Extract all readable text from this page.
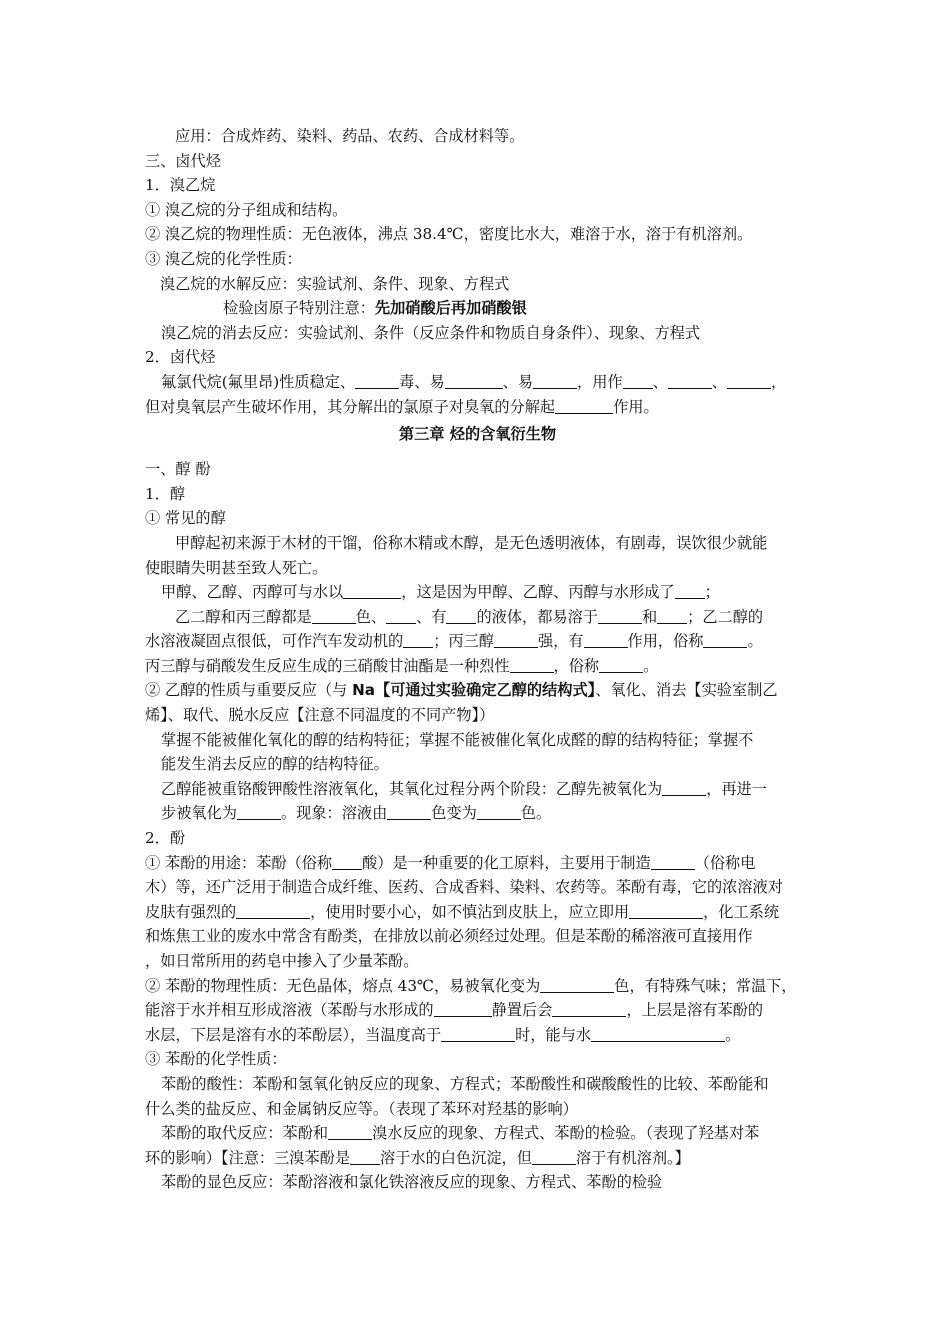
应用：合成炸药、染料、药品、农药、合成材料等。
三、卤代烃
1．溴乙烷
① 溴乙烷的分子组成和结构。
② 溴乙烷的物理性质：无色液体，沸点 38.4℃，密度比水大，难溶于水，溶于有机溶剂。
③ 溴乙烷的化学性质：
溴乙烷的水解反应：实验试剂、条件、现象、方程式
检验卤原子特别注意：先加硝酸后再加硝酸银
溴乙烷的消去反应：实验试剂、条件（反应条件和物质自身条件）、现象、方程式
2．卤代烃
氟氯代烷(氟里昂)性质稳定、	毒、易	、易	，用作 、	、	，
但对臭氧层产生破坏作用，其分解出的氯原子对臭氧的分解起	作用。
第三章 烃的含氧衍生物
一、醇 酚
1．醇
① 常见的醇
甲醇起初来源于木材的干馏，俗称木精或木醇，是无色透明液体，有剧毒，误饮很少就能
使眼睛失明甚至致人死亡。
甲醇、乙醇、丙醇可与水以	，这是因为甲醇、乙醇、丙醇与水形成了 ；
乙二醇和丙三醇都是	色、 、有 的液体，都易溶于	和 ；乙二醇的
水溶液凝固点很低，可作汽车发动机的 ；丙三醇	强，有	作用，俗称	。
丙三醇与硝酸发生反应生成的三硝酸甘油酯是一种烈性	，俗称	。
② 乙醇的性质与重要反应（与 Na【可通过实验确定乙醇的结构式】、氧化、消去【实验室制乙
烯】、取代、脱水反应【注意不同温度的不同产物】）
掌握不能被催化氧化的醇的结构特征；掌握不能被催化氧化成醛的醇的结构特征；掌握不
能发生消去反应的醇的结构特征。
乙醇能被重铬酸钾酸性溶液氧化，其氧化过程分两个阶段：乙醇先被氧化为	，再进一
步被氧化为	。现象：溶液由	色变为	色。
2．酚
① 苯酚的用途：苯酚（俗称 酸）是一种重要的化工原料，主要用于制造	（俗称电
木）等，还广泛用于制造合成纤维、医药、合成香料、染料、农药等。苯酚有毒，它的浓溶液对
皮肤有强烈的	，使用时要小心，如不慎沾到皮肤上，应立即用	，化工系统
和炼焦工业的废水中常含有酚类，在排放以前必须经过处理。但是苯酚的稀溶液可直接用作
，如日常所用的药皂中掺入了少量苯酚。
② 苯酚的物理性质：无色晶体，熔点 43℃，易被氧化变为	色，有特殊气味；常温下，
能溶于水并相互形成溶液（苯酚与水形成的	静置后会	，上层是溶有苯酚的
水层，下层是溶有水的苯酚层），当温度高于	时，能与水	。
③ 苯酚的化学性质：
苯酚的酸性：苯酚和氢氧化钠反应的现象、方程式；苯酚酸性和碳酸酸性的比较、苯酚能和
什么类的盐反应、和金属钠反应等。（表现了苯环对羟基的影响）
苯酚的取代反应：苯酚和	溴水反应的现象、方程式、苯酚的检验。（表现了羟基对苯
环的影响）【注意：三溴苯酚是 溶于水的白色沉淀，但	溶于有机溶剂。】
苯酚的显色反应：苯酚溶液和氯化铁溶液反应的现象、方程式、苯酚的检验
